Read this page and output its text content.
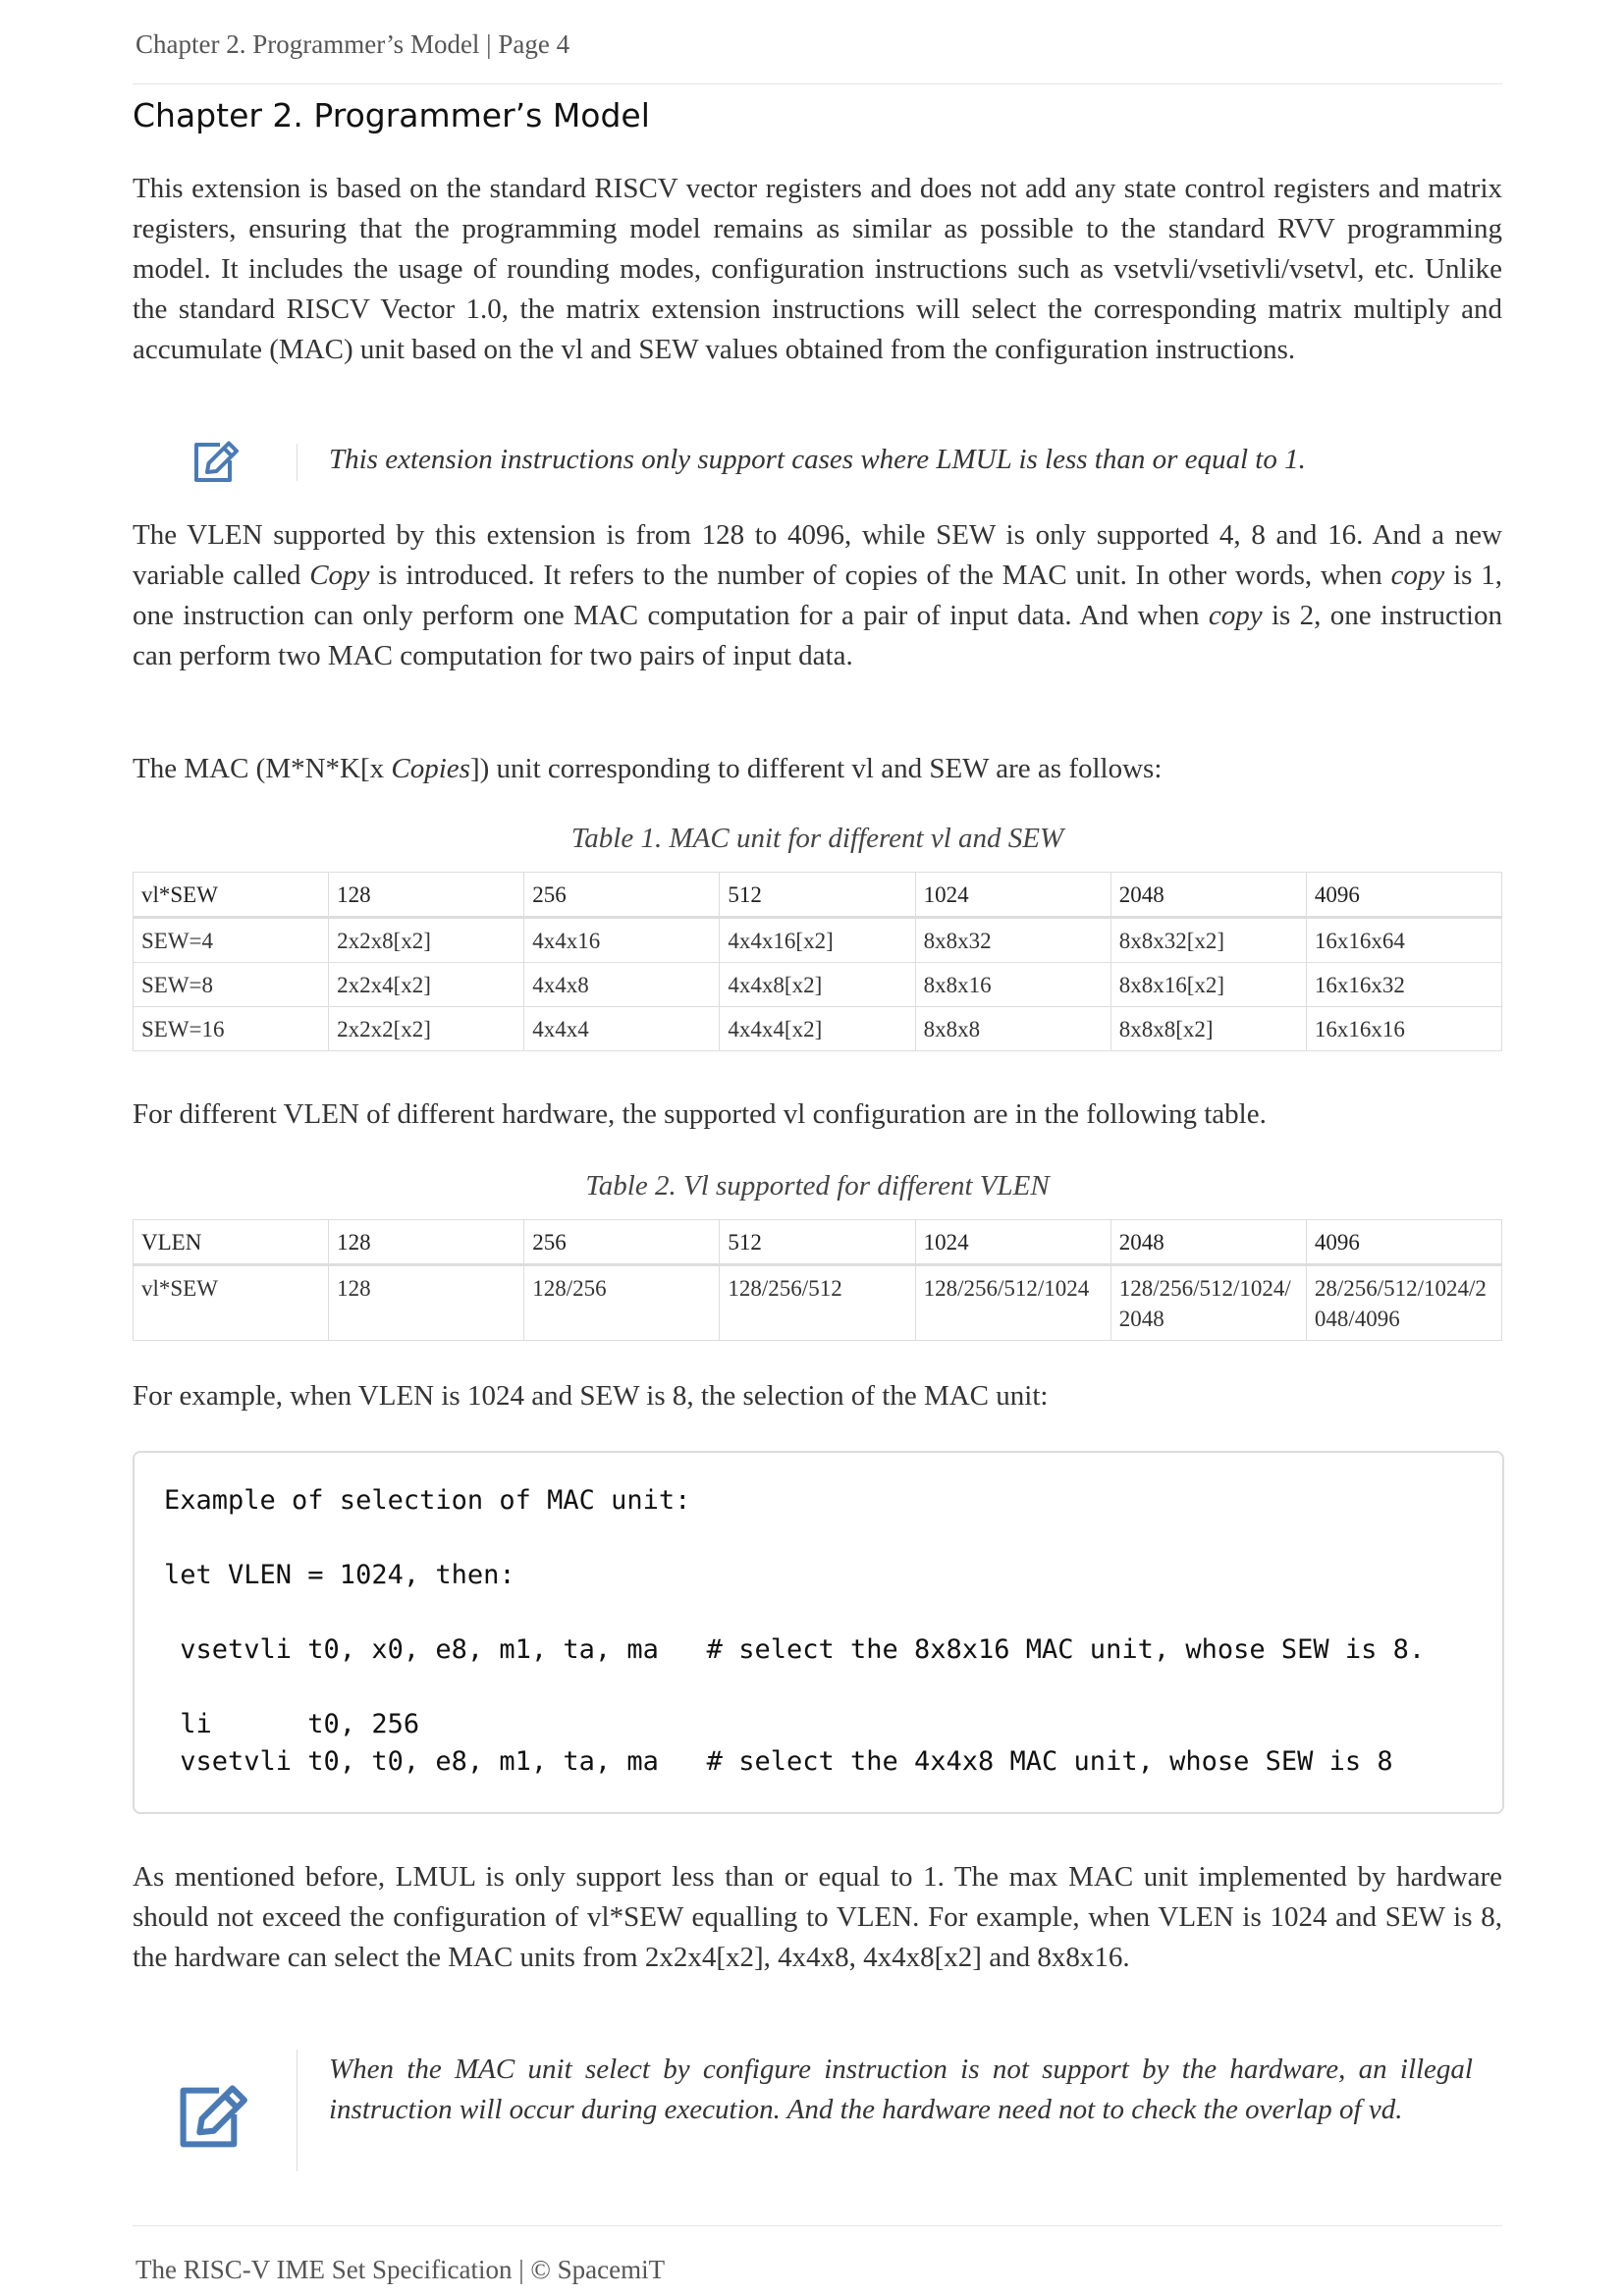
Chapter 2. Programmer’s Model | Page 4
Chapter 2. Programmer’s Model

This extension is based on the standard RISCV vector registers and does not add any state control registers and matrix registers, ensuring that the programming model remains as similar as possible to the standard RVV programming model. It includes the usage of rounding modes, configuration instructions such as vsetvli/vsetivli/vsetvl, etc. Unlike the standard RISCV Vector 1.0, the matrix extension instructions will select the corresponding matrix multiply and accumulate (MAC) unit based on the vl and SEW values obtained from the configuration instructions.

This extension instructions only support cases where LMUL is less than or equal to 1.

The VLEN supported by this extension is from 128 to 4096, while SEW is only supported 4, 8 and 16. And a new variable called Copy is introduced. It refers to the number of copies of the MAC unit. In other words, when copy is 1, one instruction can only perform one MAC computation for a pair of input data. And when copy is 2, one instruction can perform two MAC computation for two pairs of input data.

The MAC (M*N*K[x Copies]) unit corresponding to different vl and SEW are as follows:

Table 1. MAC unit for different vl and SEW

vl*SEW	128	256	512	1024	2048	4096
SEW=4	2x2x8[x2]	4x4x16	4x4x16[x2]	8x8x32	8x8x32[x2]	16x16x64
SEW=8	2x2x4[x2]	4x4x8	4x4x8[x2]	8x8x16	8x8x16[x2]	16x16x32
SEW=16	2x2x2[x2]	4x4x4	4x4x4[x2]	8x8x8	8x8x8[x2]	16x16x16

For different VLEN of different hardware, the supported vl configuration are in the following table.

Table 2. Vl supported for different VLEN

VLEN	128	256	512	1024	2048	4096
vl*SEW	128	128/256	128/256/512	128/256/512/1024	128/256/512/1024/2048	28/256/512/1024/2048/4096

For example, when VLEN is 1024 and SEW is 8, the selection of the MAC unit:

Example of selection of MAC unit:

let VLEN = 1024, then:

vsetvli t0, x0, e8, m1, ta, ma   # select the 8x8x16 MAC unit, whose SEW is 8.

li      t0, 256
vsetvli t0, t0, e8, m1, ta, ma   # select the 4x4x8 MAC unit, whose SEW is 8

As mentioned before, LMUL is only support less than or equal to 1. The max MAC unit implemented by hardware should not exceed the configuration of vl*SEW equalling to VLEN. For example, when VLEN is 1024 and SEW is 8, the hardware can select the MAC units from 2x2x4[x2], 4x4x8, 4x4x8[x2] and 8x8x16.

When the MAC unit select by configure instruction is not support by the hardware, an illegal instruction will occur during execution. And the hardware need not to check the overlap of vd.

The RISC-V IME Set Specification | © SpacemiT
